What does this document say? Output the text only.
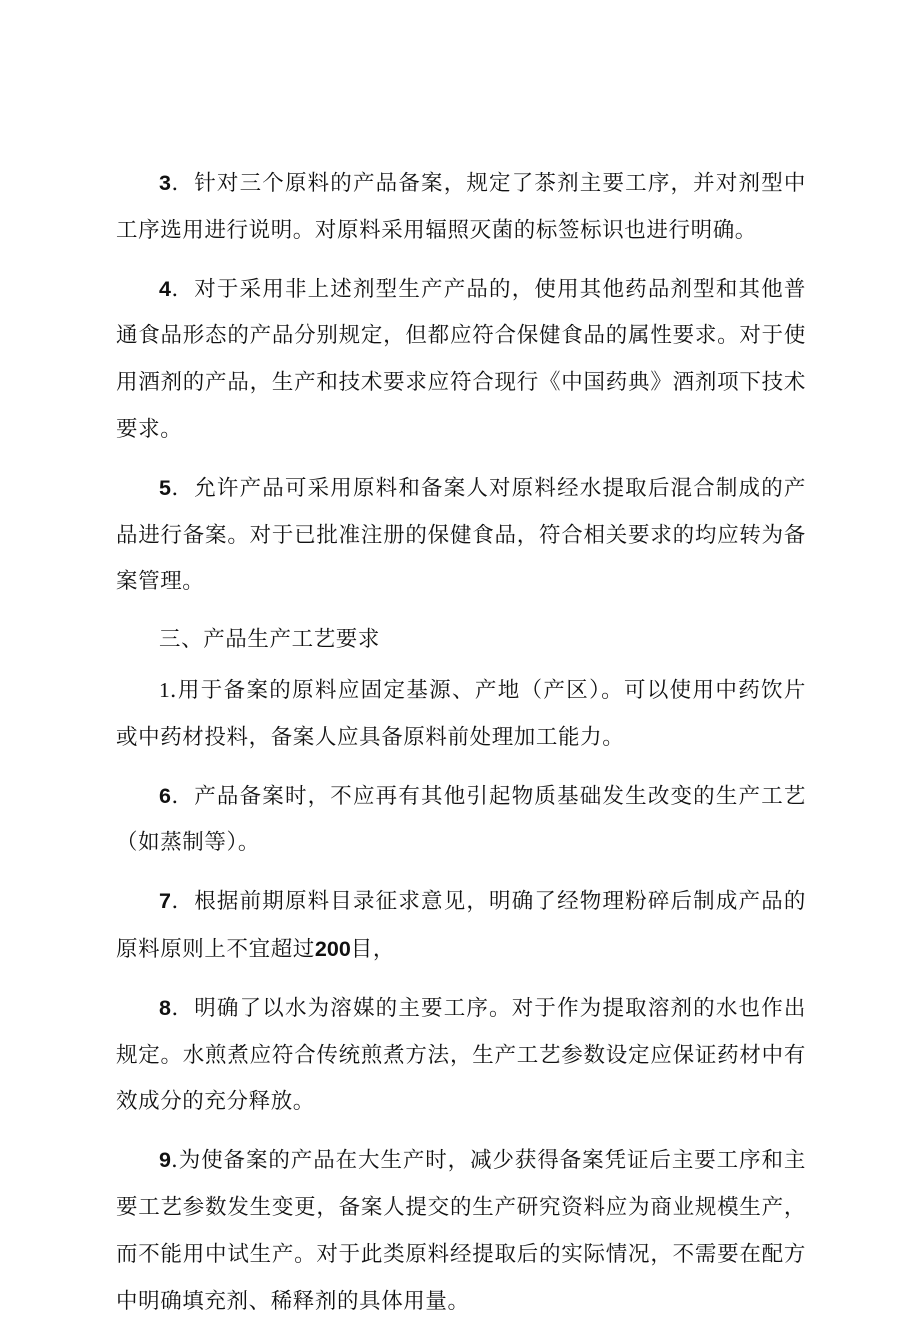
3．针对三个原料的产品备案，规定了茶剂主要工序，并对剂型中工序选用进行说明。对原料采用辐照灭菌的标签标识也进行明确。

4．对于采用非上述剂型生产产品的，使用其他药品剂型和其他普通食品形态的产品分别规定，但都应符合保健食品的属性要求。对于使用酒剂的产品，生产和技术要求应符合现行《中国药典》酒剂项下技术要求。

5．允许产品可采用原料和备案人对原料经水提取后混合制成的产品进行备案。对于已批准注册的保健食品，符合相关要求的均应转为备案管理。

三、产品生产工艺要求

1.用于备案的原料应固定基源、产地（产区）。可以使用中药饮片或中药材投料，备案人应具备原料前处理加工能力。

6．产品备案时，不应再有其他引起物质基础发生改变的生产工艺（如蒸制等）。

7．根据前期原料目录征求意见，明确了经物理粉碎后制成产品的原料原则上不宜超过200目，

8．明确了以水为溶媒的主要工序。对于作为提取溶剂的水也作出规定。水煎煮应符合传统煎煮方法，生产工艺参数设定应保证药材中有效成分的充分释放。

9.为使备案的产品在大生产时，减少获得备案凭证后主要工序和主要工艺参数发生变更，备案人提交的生产研究资料应为商业规模生产，而不能用中试生产。对于此类原料经提取后的实际情况，不需要在配方中明确填充剂、稀释剂的具体用量。
